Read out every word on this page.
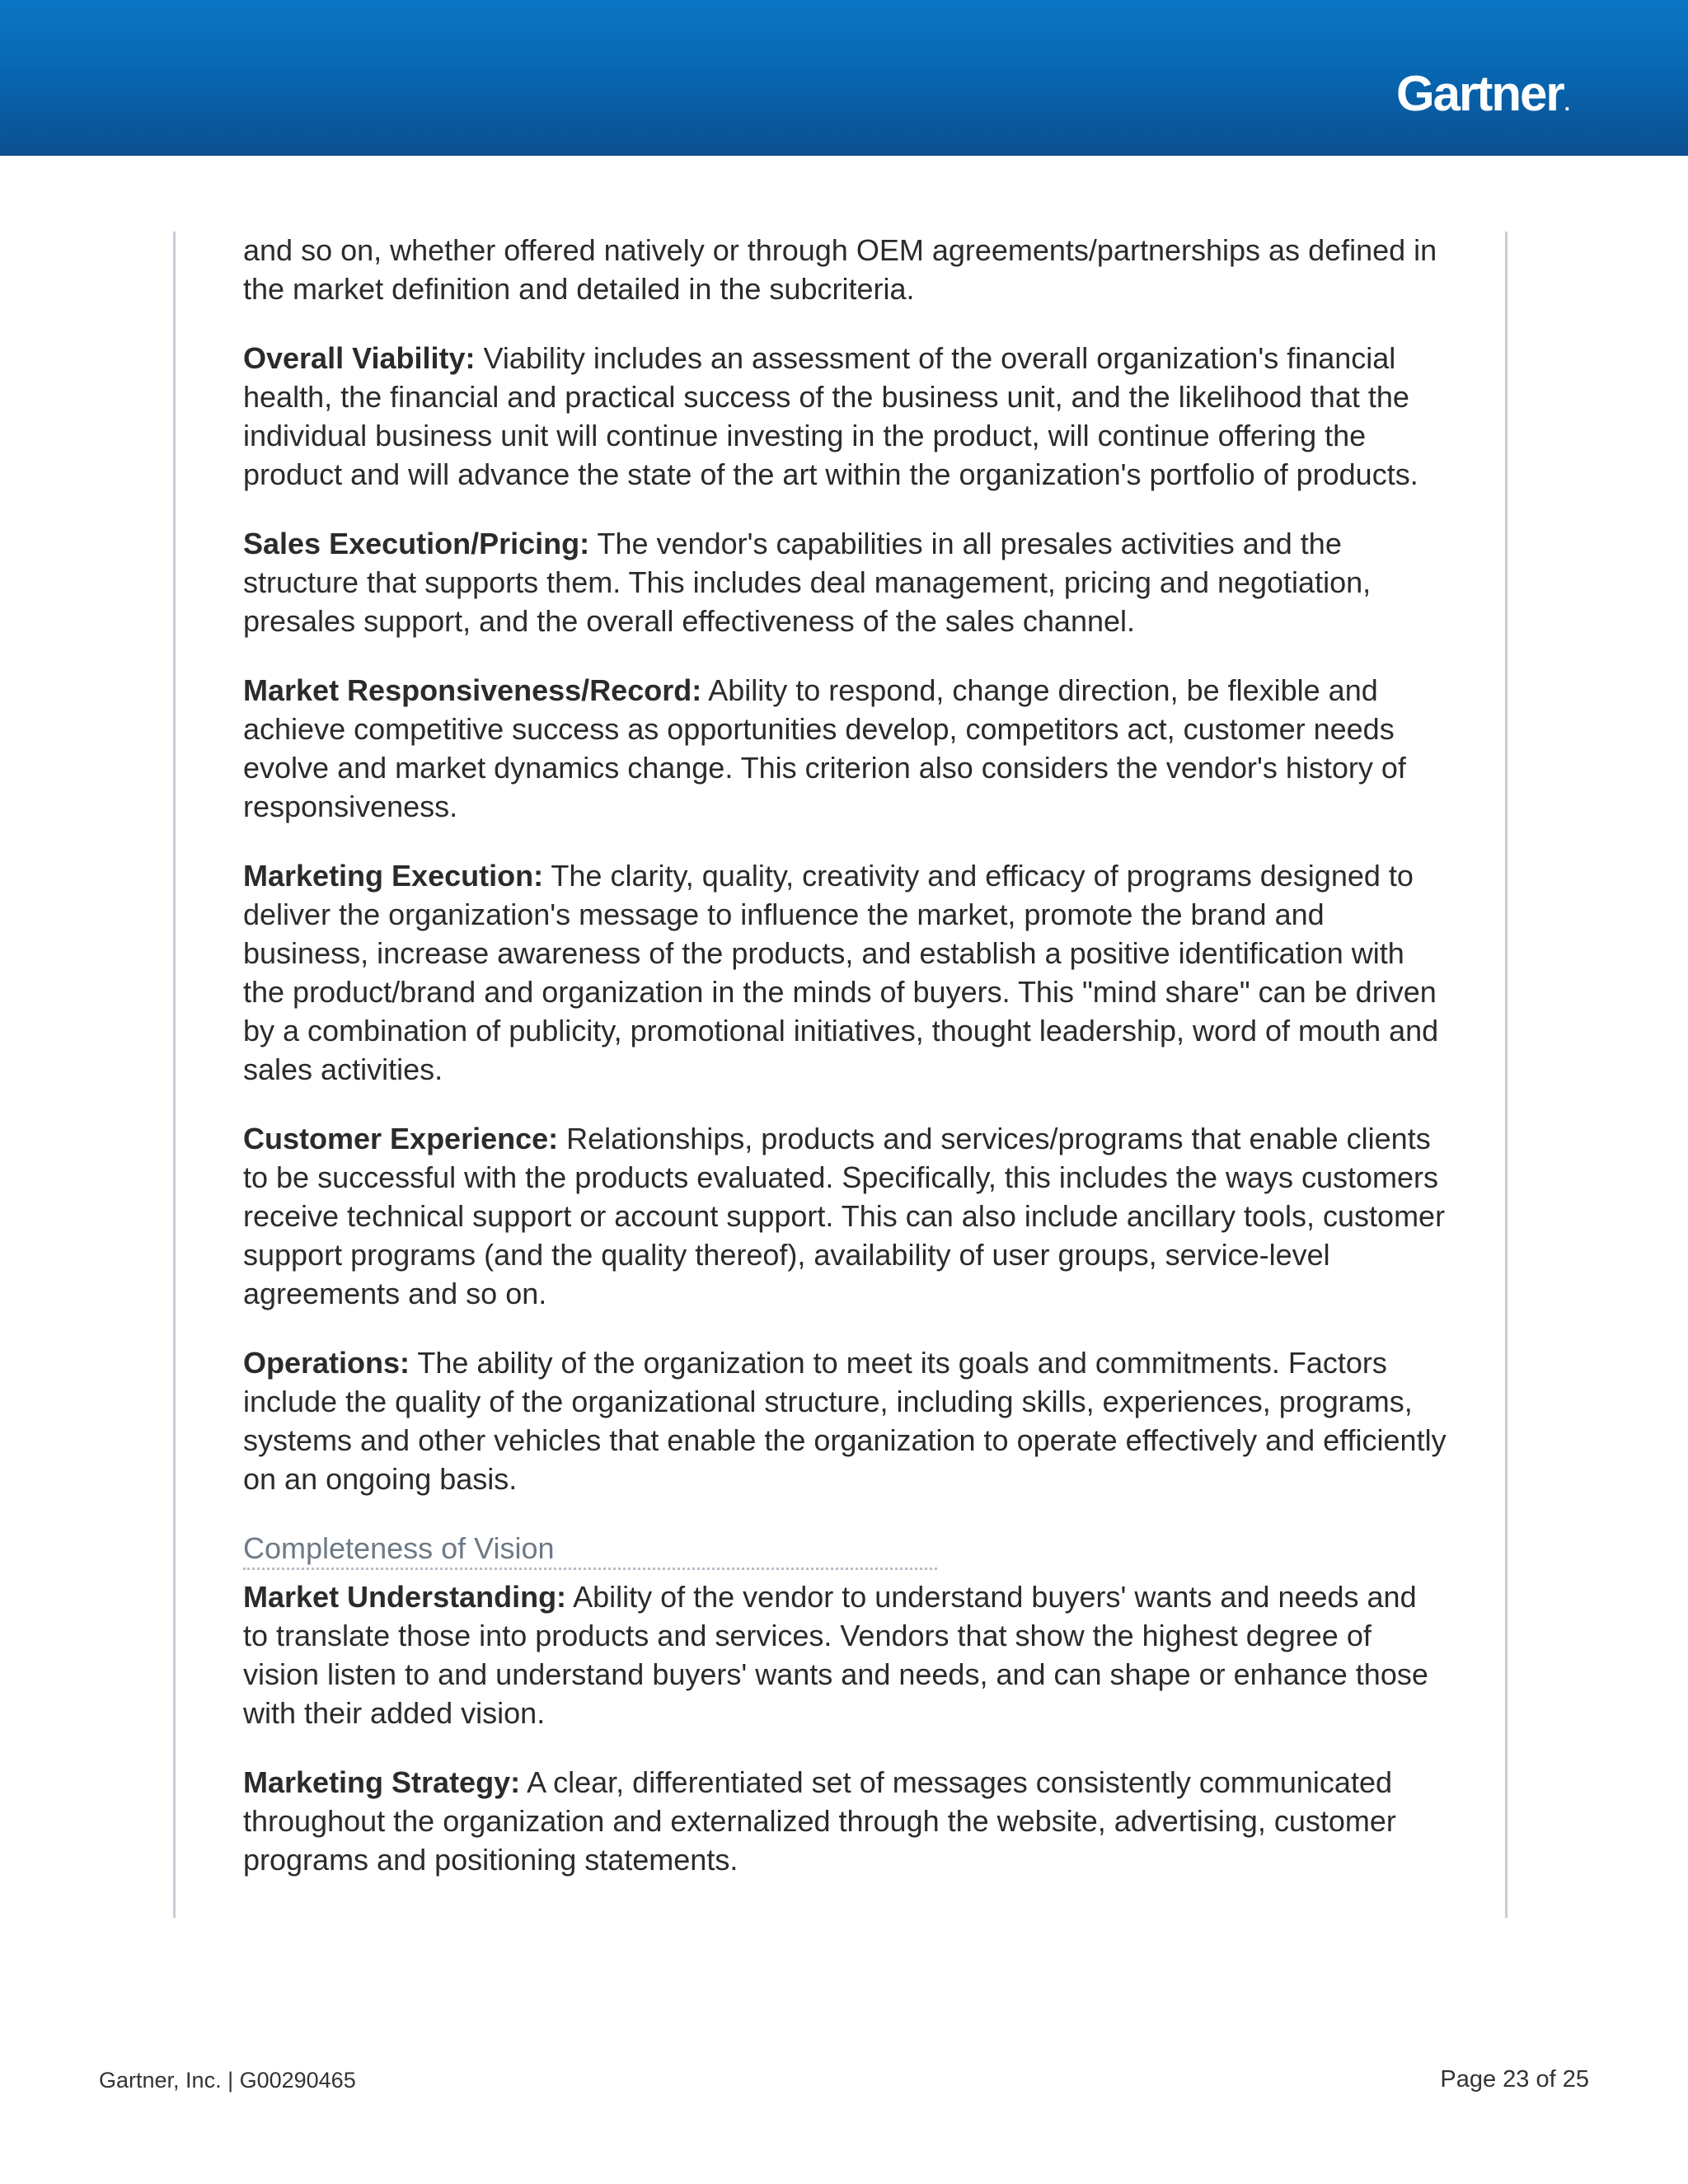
Gartner.

and so on, whether offered natively or through OEM agreements/partnerships as defined in the market definition and detailed in the subcriteria.

Overall Viability: Viability includes an assessment of the overall organization's financial health, the financial and practical success of the business unit, and the likelihood that the individual business unit will continue investing in the product, will continue offering the product and will advance the state of the art within the organization's portfolio of products.

Sales Execution/Pricing: The vendor's capabilities in all presales activities and the structure that supports them. This includes deal management, pricing and negotiation, presales support, and the overall effectiveness of the sales channel.

Market Responsiveness/Record: Ability to respond, change direction, be flexible and achieve competitive success as opportunities develop, competitors act, customer needs evolve and market dynamics change. This criterion also considers the vendor's history of responsiveness.

Marketing Execution: The clarity, quality, creativity and efficacy of programs designed to deliver the organization's message to influence the market, promote the brand and business, increase awareness of the products, and establish a positive identification with the product/brand and organization in the minds of buyers. This "mind share" can be driven by a combination of publicity, promotional initiatives, thought leadership, word of mouth and sales activities.

Customer Experience: Relationships, products and services/programs that enable clients to be successful with the products evaluated. Specifically, this includes the ways customers receive technical support or account support. This can also include ancillary tools, customer support programs (and the quality thereof), availability of user groups, service-level agreements and so on.

Operations: The ability of the organization to meet its goals and commitments. Factors include the quality of the organizational structure, including skills, experiences, programs, systems and other vehicles that enable the organization to operate effectively and efficiently on an ongoing basis.

Completeness of Vision

Market Understanding: Ability of the vendor to understand buyers' wants and needs and to translate those into products and services. Vendors that show the highest degree of vision listen to and understand buyers' wants and needs, and can shape or enhance those with their added vision.

Marketing Strategy: A clear, differentiated set of messages consistently communicated throughout the organization and externalized through the website, advertising, customer programs and positioning statements.

Gartner, Inc. | G00290465	Page 23 of 25
